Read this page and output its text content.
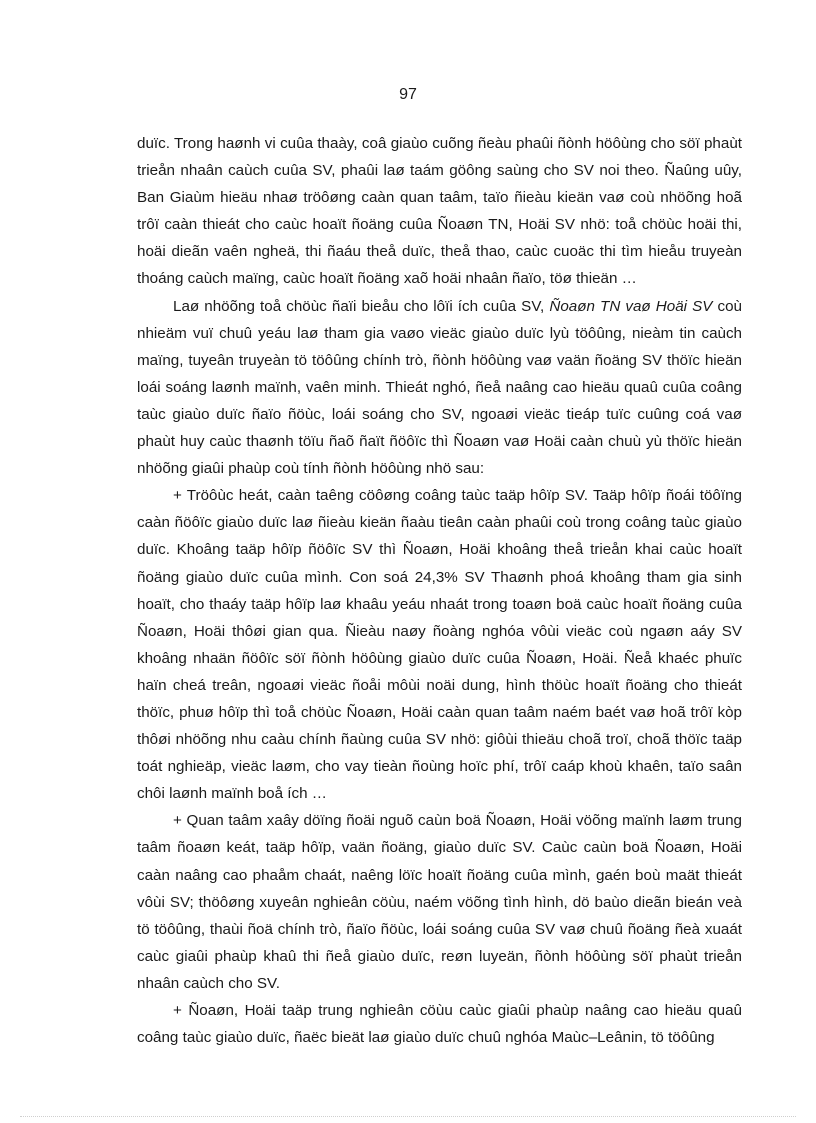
97

duïc. Trong haønh vi cuûa thaày, coâ giaùo cuõng ñeàu phaûi ñònh höôùng cho söï phaùt trieån nhaân caùch cuûa SV, phaûi laø taám göông saùng cho SV noi theo. Ñaûng uûy, Ban Giaùm hieäu nhaø tröôøng caàn quan taâm, taïo ñieàu kieän vaø coù nhöõng hoã trôï caàn thieát cho caùc hoaït ñoäng cuûa Ñoaøn TN, Hoäi SV nhö: toå chöùc hoäi thi, hoäi dieãn vaên ngheä, thi ñaáu theå duïc, theå thao, caùc cuoäc thi tìm hieåu truyeàn thoáng caùch maïng, caùc hoaït ñoäng xaõ hoäi nhaân ñaïo, töø thieän …

Laø nhöõng toå chöùc ñaïi bieåu cho lôïi ích cuûa SV, Ñoaøn TN vaø Hoäi SV coù nhieäm vuï chuû yeáu laø tham gia vaøo vieäc giaùo duïc lyù töôûng, nieàm tin caùch maïng, tuyeân truyeàn tö töôûng chính trò, ñònh höôùng vaø vaän ñoäng SV thöïc hieän loái soáng laønh maïnh, vaên minh. Thieát nghó, ñeå naâng cao hieäu quaû cuûa coâng taùc giaùo duïc ñaïo ñöùc, loái soáng cho SV, ngoaøi vieäc tieáp tuïc cuûng coá vaø phaùt huy caùc thaønh töïu ñaõ ñaït ñöôïc thì Ñoaøn vaø Hoäi caàn chuù yù thöïc hieän nhöõng giaûi phaùp coù tính ñònh höôùng nhö sau:

+ Tröôùc heát, caàn taêng cöôøng coâng taùc taäp hôïp SV. Taäp hôïp ñoái töôïng caàn ñöôïc giaùo duïc laø ñieàu kieän ñaàu tieân caàn phaûi coù trong coâng taùc giaùo duïc. Khoâng taäp hôïp ñöôïc SV thì Ñoaøn, Hoäi khoâng theå trieån khai caùc hoaït ñoäng giaùo duïc cuûa mình. Con soá 24,3% SV Thaønh phoá khoâng tham gia sinh hoaït, cho thaáy taäp hôïp laø khaâu yeáu nhaát trong toaøn boä caùc hoaït ñoäng cuûa Ñoaøn, Hoäi thôøi gian qua. Ñieàu naøy ñoàng nghóa vôùi vieäc coù ngaøn aáy SV khoâng nhaän ñöôïc söï ñònh höôùng giaùo duïc cuûa Ñoaøn, Hoäi. Ñeå khaéc phuïc haïn cheá treân, ngoaøi vieäc ñoåi môùi noäi dung, hình thöùc hoaït ñoäng cho thieát thöïc, phuø hôïp thì toå chöùc Ñoaøn, Hoäi caàn quan taâm naém baét vaø hoã trôï kòp thôøi nhöõng nhu caàu chính ñaùng cuûa SV nhö: giôùi thieäu choã troï, choã thöïc taäp toát nghieäp, vieäc laøm, cho vay tieàn ñoùng hoïc phí, trôï caáp khoù khaên, taïo saân chôi laønh maïnh boå ích …

+ Quan taâm xaây döïng ñoäi nguõ caùn boä Ñoaøn, Hoäi vöõng maïnh laøm trung taâm ñoaøn keát, taäp hôïp, vaän ñoäng, giaùo duïc SV. Caùc caùn boä Ñoaøn, Hoäi caàn naâng cao phaåm chaát, naêng löïc hoaït ñoäng cuûa mình, gaén boù maät thieát vôùi SV; thöôøng xuyeân nghieân cöùu, naém vöõng tình hình, dö baùo dieãn bieán veà tö töôûng, thaùi ñoä chính trò, ñaïo ñöùc, loái soáng cuûa SV vaø chuû ñoäng ñeà xuaát caùc giaûi phaùp khaû thi ñeå giaùo duïc, reøn luyeän, ñònh höôùng söï phaùt trieån nhaân caùch cho SV.

+ Ñoaøn, Hoäi taäp trung nghieân cöùu caùc giaûi phaùp naâng cao hieäu quaû coâng taùc giaùo duïc, ñaëc bieät laø giaùo duïc chuû nghóa Maùc–Leânin, tö töôûng
